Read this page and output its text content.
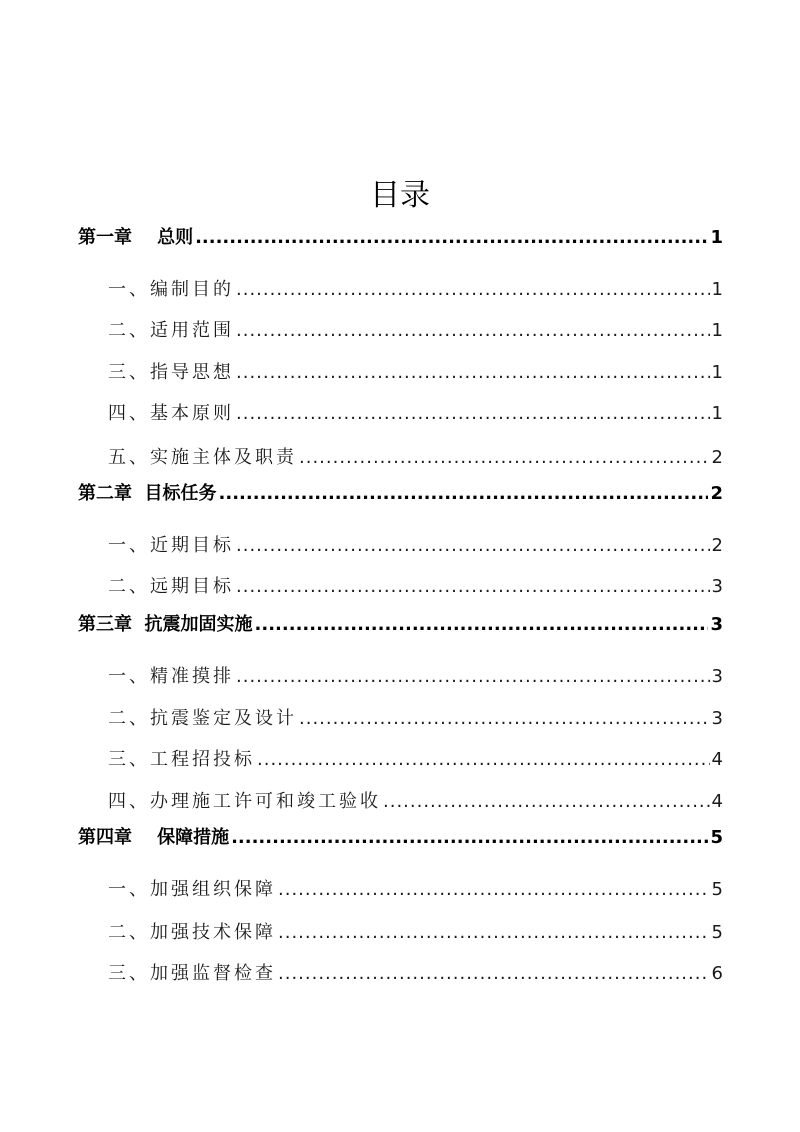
目录
第一章    总则 .....	1
一、编制目的 .....	1
二、适用范围 .....	1
三、指导思想 .....	1
四、基本原则 .....	1
五、实施主体及职责 .....	2
第二章  目标任务 .....	2
一、近期目标 .....	2
二、远期目标 .....	3
第三章  抗震加固实施 .....	3
一、精准摸排 .....	3
二、抗震鉴定及设计 .....	3
三、工程招投标 .....	4
四、办理施工许可和竣工验收 .....	4
第四章    保障措施 .....	5
一、加强组织保障 .....	5
二、加强技术保障 .....	5
三、加强监督检查 .....	6
